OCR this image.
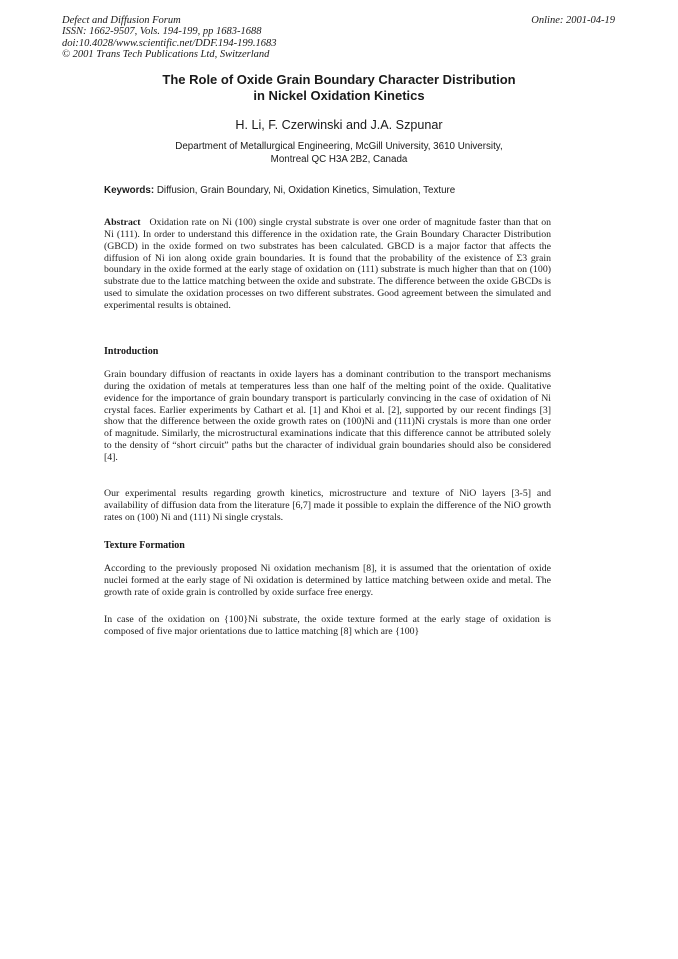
Defect and Diffusion Forum
ISSN: 1662-9507, Vols. 194-199, pp 1683-1688
doi:10.4028/www.scientific.net/DDF.194-199.1683
© 2001 Trans Tech Publications Ltd, Switzerland
Online: 2001-04-19
The Role of Oxide Grain Boundary Character Distribution
in Nickel Oxidation Kinetics
H. Li, F. Czerwinski and J.A. Szpunar
Department of Metallurgical Engineering, McGill University, 3610 University,
Montreal QC H3A 2B2, Canada
Keywords: Diffusion, Grain Boundary, Ni, Oxidation Kinetics, Simulation, Texture
Abstract Oxidation rate on Ni (100) single crystal substrate is over one order of magnitude faster than that on Ni (111). In order to understand this difference in the oxidation rate, the Grain Boundary Character Distribution (GBCD) in the oxide formed on two substrates has been calculated. GBCD is a major factor that affects the diffusion of Ni ion along oxide grain boundaries. It is found that the probability of the existence of Σ3 grain boundary in the oxide formed at the early stage of oxidation on (111) substrate is much higher than that on (100) substrate due to the lattice matching between the oxide and substrate. The difference between the oxide GBCDs is used to simulate the oxidation processes on two different substrates. Good agreement between the simulated and experimental results is obtained.
Introduction
Grain boundary diffusion of reactants in oxide layers has a dominant contribution to the transport mechanisms during the oxidation of metals at temperatures less than one half of the melting point of the oxide. Qualitative evidence for the importance of grain boundary transport is particularly convincing in the case of oxidation of Ni crystal faces. Earlier experiments by Cathart et al. [1] and Khoi et al. [2], supported by our recent findings [3] show that the difference between the oxide growth rates on (100)Ni and (111)Ni crystals is more than one order of magnitude. Similarly, the microstructural examinations indicate that this difference cannot be attributed solely to the density of “short circuit” paths but the character of individual grain boundaries should also be considered [4].
Our experimental results regarding growth kinetics, microstructure and texture of NiO layers [3-5] and availability of diffusion data from the literature [6,7] made it possible to explain the difference of the NiO growth rates on (100) Ni and (111) Ni single crystals.
Texture Formation
According to the previously proposed Ni oxidation mechanism [8], it is assumed that the orientation of oxide nuclei formed at the early stage of Ni oxidation is determined by lattice matching between oxide and metal. The growth rate of oxide grain is controlled by oxide surface free energy.
In case of the oxidation on {100}Ni substrate, the oxide texture formed at the early stage of oxidation is composed of five major orientations due to lattice matching [8] which are {100}
